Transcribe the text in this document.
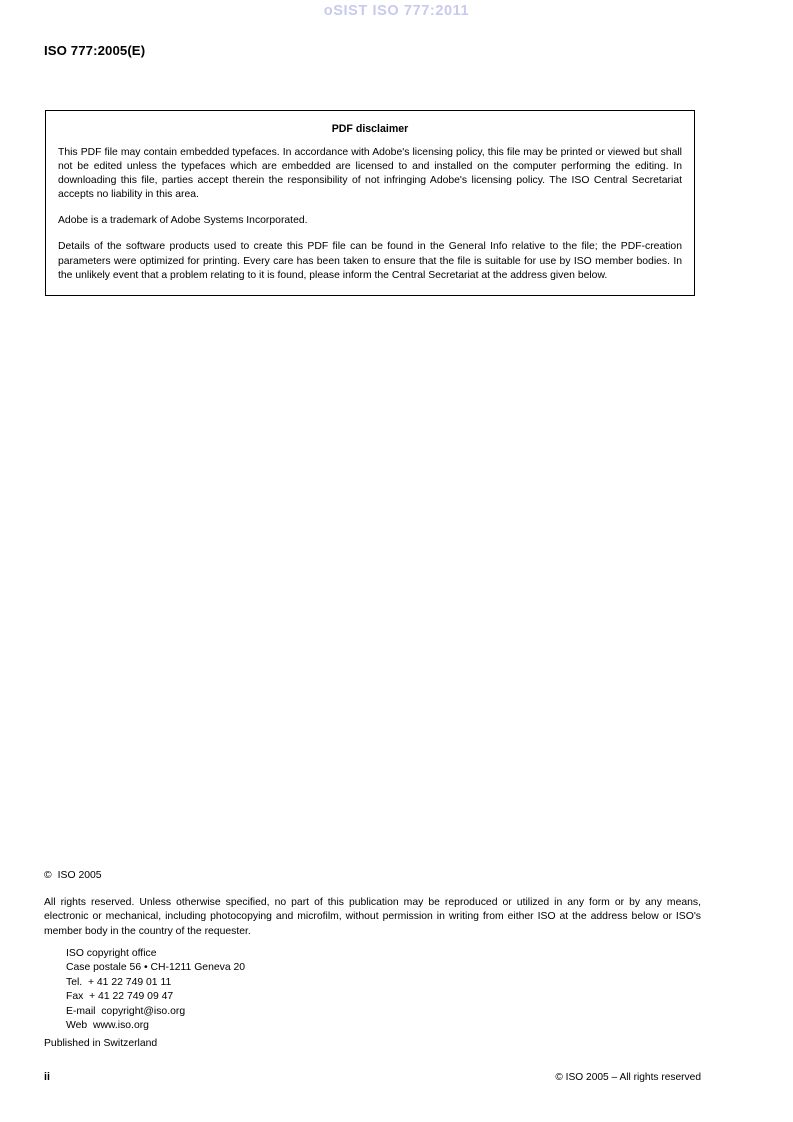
oSIST ISO 777:2011
ISO 777:2005(E)
PDF disclaimer

This PDF file may contain embedded typefaces. In accordance with Adobe's licensing policy, this file may be printed or viewed but shall not be edited unless the typefaces which are embedded are licensed to and installed on the computer performing the editing. In downloading this file, parties accept therein the responsibility of not infringing Adobe's licensing policy. The ISO Central Secretariat accepts no liability in this area.

Adobe is a trademark of Adobe Systems Incorporated.

Details of the software products used to create this PDF file can be found in the General Info relative to the file; the PDF-creation parameters were optimized for printing. Every care has been taken to ensure that the file is suitable for use by ISO member bodies. In the unlikely event that a problem relating to it is found, please inform the Central Secretariat at the address given below.

© ISO 2005

All rights reserved. Unless otherwise specified, no part of this publication may be reproduced or utilized in any form or by any means, electronic or mechanical, including photocopying and microfilm, without permission in writing from either ISO at the address below or ISO's member body in the country of the requester.

ISO copyright office
Case postale 56 • CH-1211 Geneva 20
Tel.  + 41 22 749 01 11
Fax  + 41 22 749 09 47
E-mail  copyright@iso.org
Web  www.iso.org
Published in Switzerland
ii	© ISO 2005 – All rights reserved
